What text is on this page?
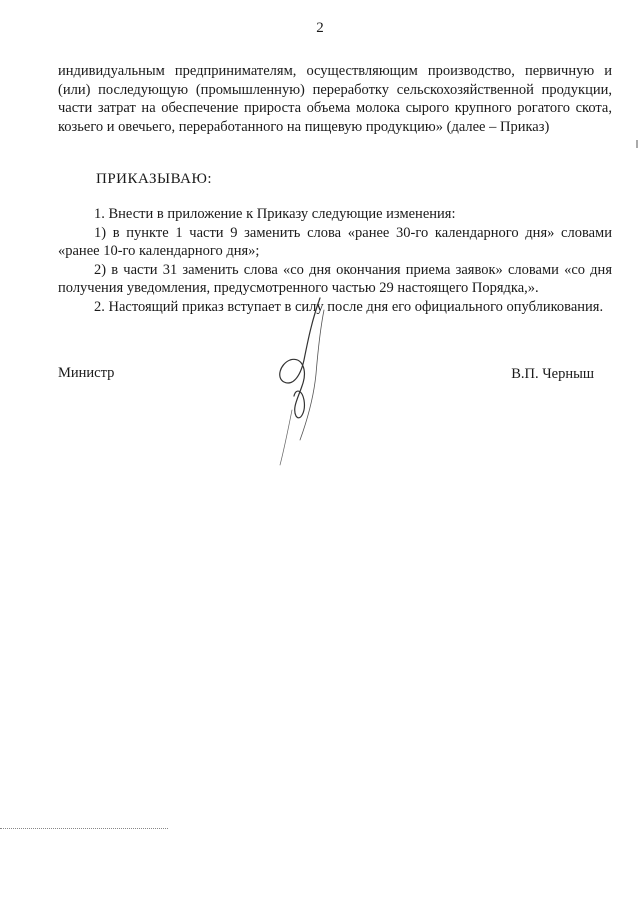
2
индивидуальным предпринимателям, осуществляющим производство, первичную и (или) последующую (промышленную) переработку сельскохозяйственной продукции, части затрат на обеспечение прироста объема молока сырого крупного рогатого скота, козьего и овечьего, переработанного на пищевую продукцию» (далее – Приказ)
ПРИКАЗЫВАЮ:

1. Внести в приложение к Приказу следующие изменения:

1) в пункте 1 части 9 заменить слова «ранее 30-го календарного дня» словами «ранее 10-го календарного дня»;

2) в части 31 заменить слова «со дня окончания приема заявок» словами «со дня получения уведомления, предусмотренного частью 29 настоящего Порядка,».

2. Настоящий приказ вступает в силу после дня его официального опубликования.

Министр	В.П. Черныш
